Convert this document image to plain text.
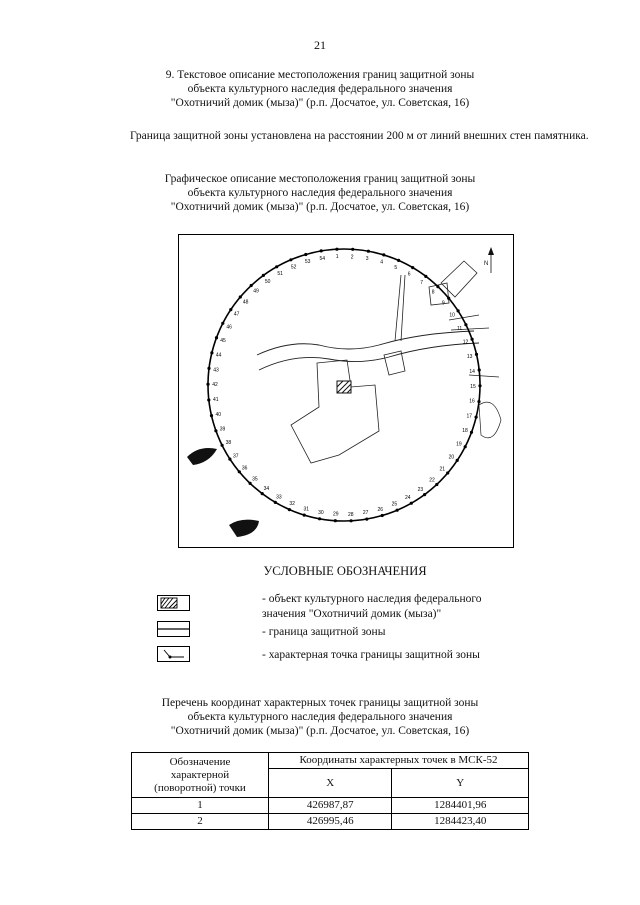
21
9. Текстовое описание местоположения границ защитной зоны
объекта культурного наследия федерального значения
"Охотничий домик (мыза)" (р.п. Досчатое, ул. Советская, 16)
Граница защитной зоны установлена на расстоянии 200 м от линий внешних стен памятника.
Графическое описание местоположения границ защитной зоны
объекта культурного наследия федерального значения
"Охотничий домик (мыза)" (р.п. Досчатое, ул. Советская, 16)
N
1 2 3
4
5
6
7
8
9
10
11
12
13
14
15
16
17
18
19
20
21
22
23
24
25
26
27
28
29
30
31
32
33
34
35
36
37
38
39
40
41
42
43
44
45
46
47
48
49
50
51
52
53
54
УСЛОВНЫЕ ОБОЗНАЧЕНИЯ
- объект культурного наследия федерального
значения "Охотничий домик (мыза)"
- граница защитной зоны
- характерная точка границы защитной зоны
Перечень координат характерных точек границы защитной зоны
объекта культурного наследия федерального значения
"Охотничий домик (мыза)" (р.п. Досчатое, ул. Советская, 16)
Обозначение
характерной
(поворотной) точки	Координаты характерных точек в МСК-52	
	X	Y
1	426987,87	1284401,96
2	426995,46	1284423,40
